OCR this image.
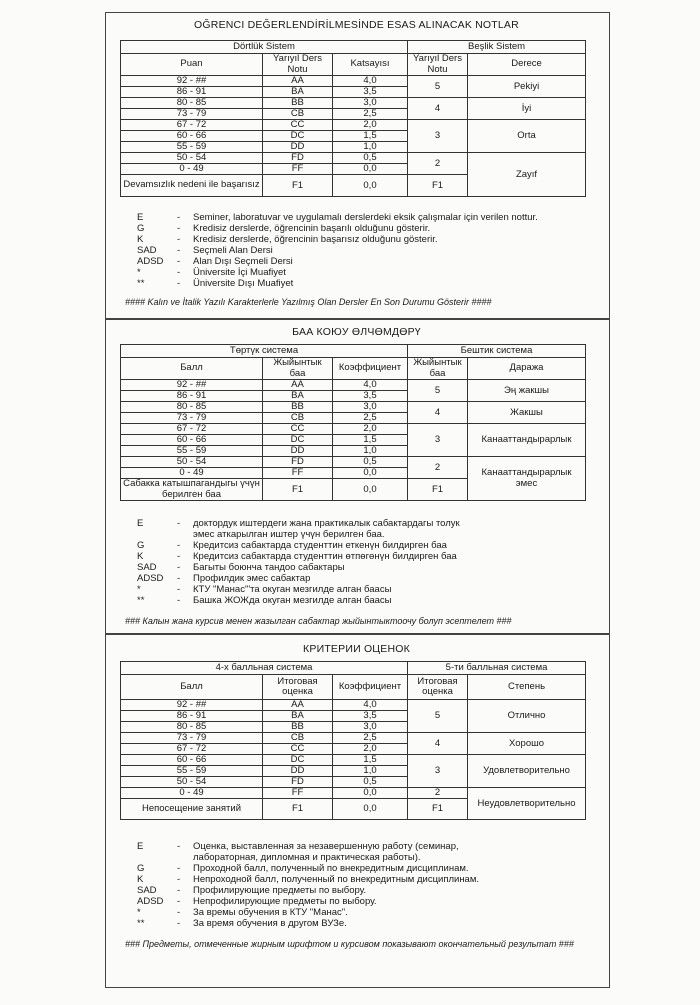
OĞRENCI DEĞERLENDİRİLMESİNDE ESAS ALINACAK NOTLAR
Dörtlük Sistem			Beşlik Sistem	
Puan	Yarıyıl Ders Notu	Katsayısı	Yarıyıl Ders Notu	Derece
92 - ##	AA	4,0	5	Pekiyi
86 - 91	BA	3,5		
80 - 85	BB	3,0	4	İyi
73 - 79	CB	2,5		
67 - 72	CC	2,0	3	Orta
60 - 66	DC	1,5		
55 - 59	DD	1,0		
50 - 54	FD	0,5	2	Zayıf
0 - 49	FF	0,0		
Devamsızlık nedeni ile başarısız	F1	0,0	F1	
E	-	Seminer, laboratuvar ve uygulamalı derslerdeki eksik çalışmalar için verilen nottur.
G	-	Kredisiz derslerde, öğrencinin başarılı olduğunu gösterir.
K	-	Kredisiz derslerde, öğrencinin başarısız olduğunu gösterir.
SAD	-	Seçmeli Alan Dersi
ADSD	-	Alan Dışı Seçmeli Dersi
*	-	Üniversite İçi Muafiyet
**	-	Üniversite Dışı Muafiyet
#### Kalın ve İtalik Yazılı Karakterlerle Yazılmış Olan Dersler En Son Durumu Gösterir ####
БАА КОЮУ ӨЛЧӨМДӨРҮ
Төртүк система			Бештик система	
Балл	Жыйынтык баа	Коэффициент	Жыйынтык баа	Даража
92 - ##	AA	4,0	5	Эң жакшы
86 - 91	BA	3,5		
80 - 85	BB	3,0	4	Жакшы
73 - 79	CB	2,5		
67 - 72	CC	2,0	3	Канааттандырарлык
60 - 66	DC	1,5		
55 - 59	DD	1,0		
50 - 54	FD	0,5	2	Канааттандырарлык эмес
0 - 49	FF	0,0		
Сабакка катышпагандыгы үчүн берилген баа	F1	0,0	F1	
E	-	доктордук иштердеги жана практикалык сабактардагы толук эмес аткарылган иштер үчүн берилген баа.
G	-	Кредитсиз сабактарда студенттин еткенүн билдирген баа
K	-	Кредитсиз сабактарда студенттин өтпөгөнүн билдирген баа
SAD	-	Багыты боюнча тандоо сабактары
ADSD	-	Профилдик эмес сабактар
*	-	КТУ "Манас"'та окуган мезгилде алган баасы
**	-	Башка ЖОЖда окуган мезгилде алган баасы
### Калын жана курсив менен жазылган сабактар жыйынтыктоочу болуп эсептелет ###
КРИТЕРИИ ОЦЕНОК
4-х балльная система			5-ти балльная система	
Балл	Итоговая оценка	Коэффициент	Итоговая оценка	Степень
92 - ##	AA	4,0	5	Отлично
86 - 91	BA	3,5		
80 - 85	BB	3,0		
73 - 79	CB	2,5	4	Хорошо
67 - 72	CC	2,0		
60 - 66	DC	1,5	3	Удовлетворительно
55 - 59	DD	1,0		
50 - 54	FD	0,5		
0 - 49	FF	0,0	2	Неудовлетворительно
Непосещение занятий	F1	0,0	F1	
E	-	Оценка, выставленная за незавершенную работу (семинар, лабораторная, дипломная и практическая работы).
G	-	Проходной балл, полученный по внекредитным дисциплинам.
K	-	Непроходной балл, полученный по внекредитным дисциплинам.
SAD	-	Профилирующие предметы по выбору.
ADSD	-	Непрофилирующие предметы по выбору.
*	-	За времы обучения в КТУ "Манас".
**	-	За время обучения в другом ВУЗе.
### Предметы, отмеченные жирным шрифтом и курсивом показывают окончательный результат ###
